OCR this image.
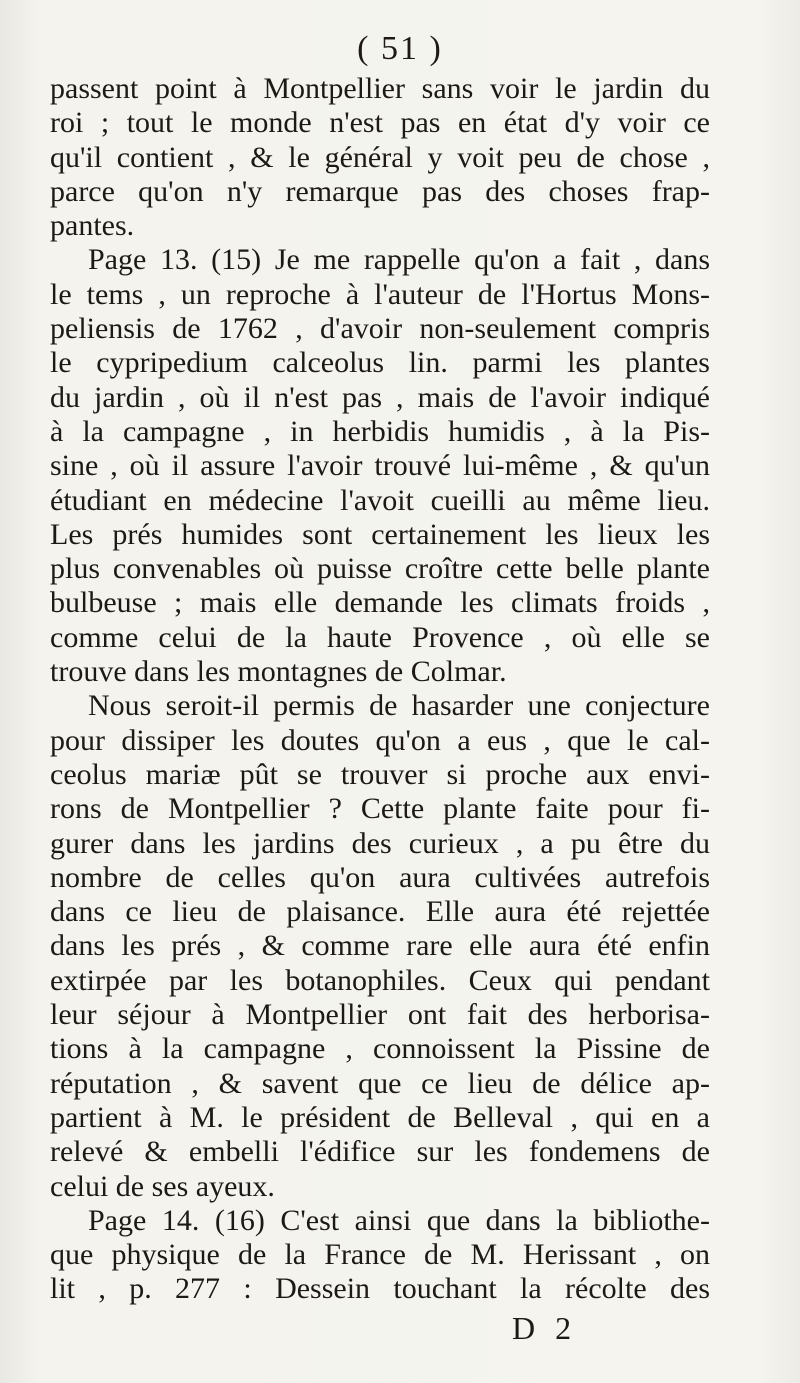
( 51 )
passent point à Montpellier sans voir le jardin du
roi ; tout le monde n'est pas en état d'y voir ce
qu'il contient , & le général y voit peu de chose ,
parce qu'on n'y remarque pas des choses frap-
pantes.
Page 13. (15) Je me rappelle qu'on a fait , dans
le tems , un reproche à l'auteur de l'Hortus Mons-
peliensis de 1762 , d'avoir non-seulement compris
le cypripedium calceolus lin. parmi les plantes
du jardin , où il n'est pas , mais de l'avoir indiqué
à la campagne , in herbidis humidis , à la Pis-
sine , où il assure l'avoir trouvé lui-même , & qu'un
étudiant en médecine l'avoit cueilli au même lieu.
Les prés humides sont certainement les lieux les
plus convenables où puisse croître cette belle plante
bulbeuse ; mais elle demande les climats froids ,
comme celui de la haute Provence , où elle se
trouve dans les montagnes de Colmar.
Nous seroit-il permis de hasarder une conjecture
pour dissiper les doutes qu'on a eus , que le cal-
ceolus mariæ pût se trouver si proche aux envi-
rons de Montpellier ? Cette plante faite pour fi-
gurer dans les jardins des curieux , a pu être du
nombre de celles qu'on aura cultivées autrefois
dans ce lieu de plaisance. Elle aura été rejettée
dans les prés , & comme rare elle aura été enfin
extirpée par les botanophiles. Ceux qui pendant
leur séjour à Montpellier ont fait des herborisa-
tions à la campagne , connoissent la Pissine de
réputation , & savent que ce lieu de délice ap-
partient à M. le président de Belleval , qui en a
relevé & embelli l'édifice sur les fondemens de
celui de ses ayeux.
Page 14. (16) C'est ainsi que dans la bibliothe-
que physique de la France de M. Herissant , on
lit , p. 277 : Dessein touchant la récolte des
D 2
